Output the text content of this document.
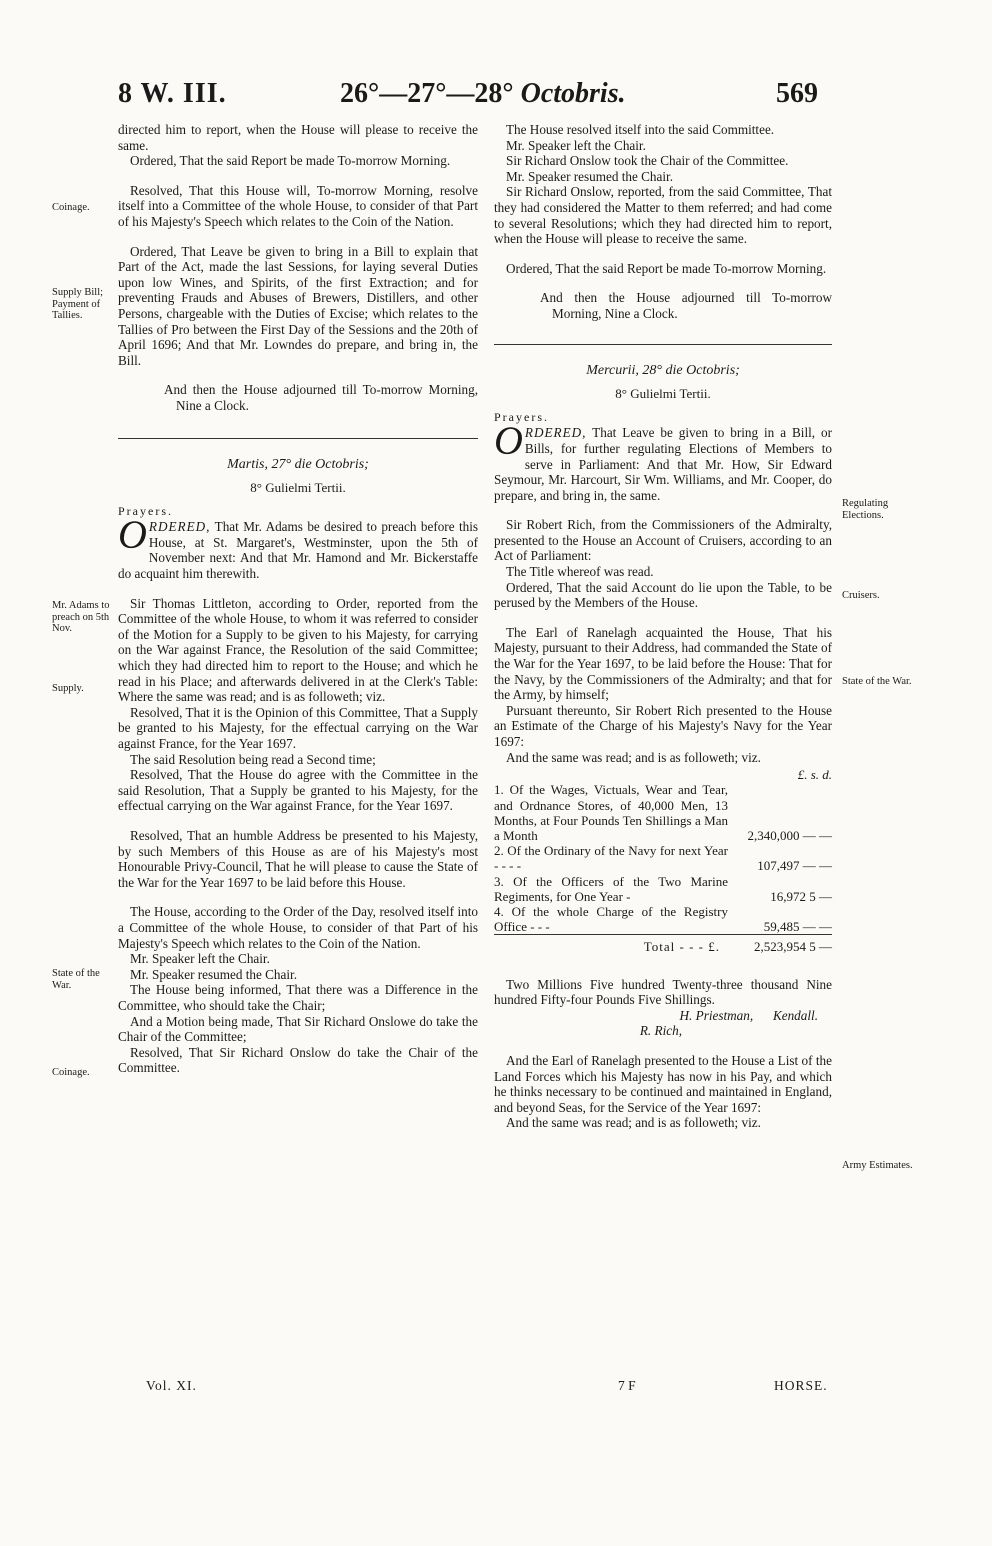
8 W. III.	26°—27°—28° Octobris.	569
Coinage.
Supply Bill; Payment of Tallies.
Mr. Adams to preach on 5th Nov.
Supply.
State of the War.
Coinage.
Regulating Elections.
Cruisers.
State of the War.
Army Estimates.

directed him to report, when the House will please to receive the same.

Ordered, That the said Report be made To-morrow Morning.

Resolved, That this House will, To-morrow Morning, resolve itself into a Committee of the whole House, to consider of that Part of his Majesty's Speech which relates to the Coin of the Nation.

Ordered, That Leave be given to bring in a Bill to explain that Part of the Act, made the last Sessions, for laying several Duties upon low Wines, and Spirits, of the first Extraction; and for preventing Frauds and Abuses of Brewers, Distillers, and other Persons, chargeable with the Duties of Excise; which relates to the Tallies of Pro between the First Day of the Sessions and the 20th of April 1696; And that Mr. Lowndes do prepare, and bring in, the Bill.

And then the House adjourned till To-morrow Morning, Nine a Clock.

Martis, 27° die Octobris;
8° Gulielmi Tertii.

Prayers.

ORDERED, That Mr. Adams be desired to preach before this House, at St. Margaret's, Westminster, upon the 5th of November next: And that Mr. Hamond and Mr. Bickerstaffe do acquaint him therewith.

Sir Thomas Littleton, according to Order, reported from the Committee of the whole House, to whom it was referred to consider of the Motion for a Supply to be given to his Majesty, for carrying on the War against France, the Resolution of the said Committee; which they had directed him to report to the House; and which he read in his Place; and afterwards delivered in at the Clerk's Table: Where the same was read; and is as followeth; viz.

Resolved, That it is the Opinion of this Committee, That a Supply be granted to his Majesty, for the effectual carrying on the War against France, for the Year 1697.

The said Resolution being read a Second time;

Resolved, That the House do agree with the Committee in the said Resolution, That a Supply be granted to his Majesty, for the effectual carrying on the War against France, for the Year 1697.

Resolved, That an humble Address be presented to his Majesty, by such Members of this House as are of his Majesty's most Honourable Privy-Council, That he will please to cause the State of the War for the Year 1697 to be laid before this House.

The House, according to the Order of the Day, resolved itself into a Committee of the whole House, to consider of that Part of his Majesty's Speech which relates to the Coin of the Nation.

Mr. Speaker left the Chair.

Mr. Speaker resumed the Chair.

The House being informed, That there was a Difference in the Committee, who should take the Chair;

And a Motion being made, That Sir Richard Onslowe do take the Chair of the Committee;

Resolved, That Sir Richard Onslow do take the Chair of the Committee.

The House resolved itself into the said Committee.

Mr. Speaker left the Chair.

Sir Richard Onslow took the Chair of the Committee.

Mr. Speaker resumed the Chair.

Sir Richard Onslow, reported, from the said Committee, That they had considered the Matter to them referred; and had come to several Resolutions; which they had directed him to report, when the House will please to receive the same.

Ordered, That the said Report be made To-morrow Morning.

And then the House adjourned till To-morrow Morning, Nine a Clock.

Mercurii, 28° die Octobris;
8° Gulielmi Tertii.

Prayers.

ORDERED, That Leave be given to bring in a Bill, or Bills, for further regulating Elections of Members to serve in Parliament: And that Mr. How, Sir Edward Seymour, Mr. Harcourt, Sir Wm. Williams, and Mr. Cooper, do prepare, and bring in, the same.

Sir Robert Rich, from the Commissioners of the Admiralty, presented to the House an Account of Cruisers, according to an Act of Parliament:

The Title whereof was read.

Ordered, That the said Account do lie upon the Table, to be perused by the Members of the House.

The Earl of Ranelagh acquainted the House, That his Majesty, pursuant to their Address, had commanded the State of the War for the Year 1697, to be laid before the House: That for the Navy, by the Commissioners of the Admiralty; and that for the Army, by himself;

Pursuant thereunto, Sir Robert Rich presented to the House an Estimate of the Charge of his Majesty's Navy for the Year 1697:

And the same was read; and is as followeth; viz.

	£. s. d.
1. Of the Wages, Victuals, Wear and Tear, and Ordnance Stores, of 40,000 Men, 13 Months, at Four Pounds Ten Shillings a Man a Month	2,340,000 — —
2. Of the Ordinary of the Navy for next Year - - - -	107,497 — —
3. Of the Officers of the Two Marine Regiments, for One Year -	16,972 5 —
4. Of the whole Charge of the Registry Office - - -	59,485 — —
Total - - - £.	2,523,954 5 —

Two Millions Five hundred Twenty-three thousand Nine hundred Fifty-four Pounds Five Shillings.

H. Priestman,      Kendall.
R. Rich,

And the Earl of Ranelagh presented to the House a List of the Land Forces which his Majesty has now in his Pay, and which he thinks necessary to be continued and maintained in England, and beyond Seas, for the Service of the Year 1697:

And the same was read; and is as followeth; viz.

Vol. XI.	7 F	HORSE.
